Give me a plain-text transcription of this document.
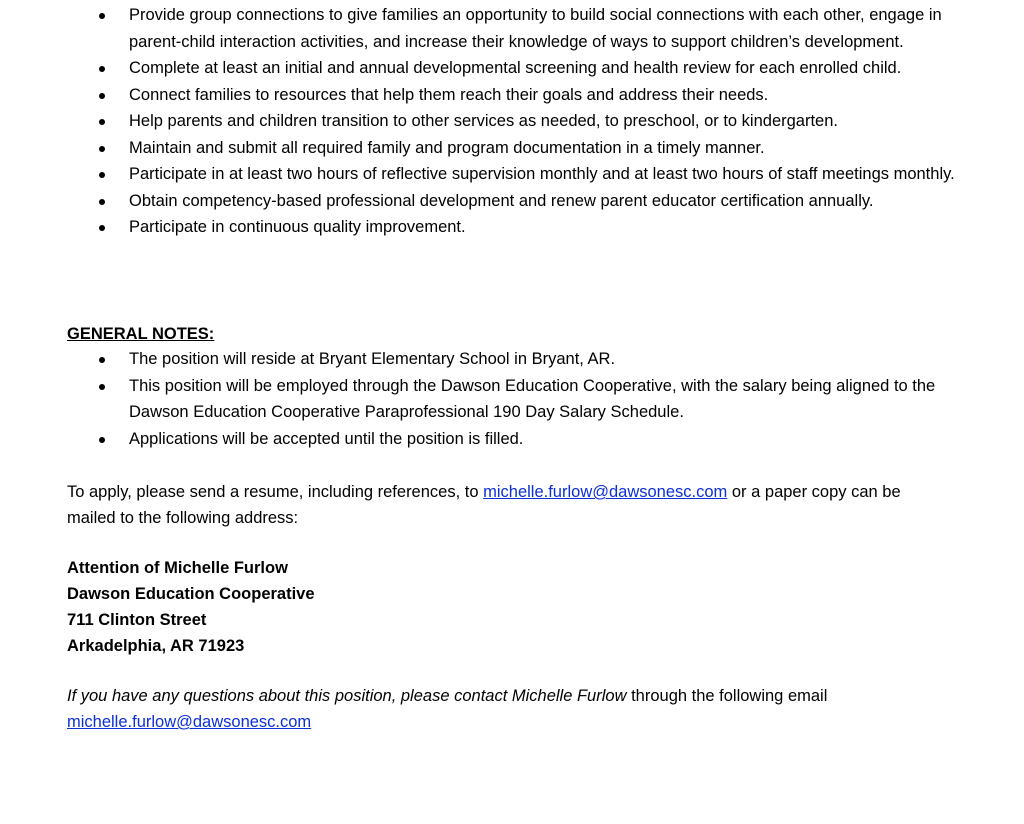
Provide group connections to give families an opportunity to build social connections with each other, engage in parent-child interaction activities, and increase their knowledge of ways to support children’s development.
Complete at least an initial and annual developmental screening and health review for each enrolled child.
Connect families to resources that help them reach their goals and address their needs.
Help parents and children transition to other services as needed, to preschool, or to kindergarten.
Maintain and submit all required family and program documentation in a timely manner.
Participate in at least two hours of reflective supervision monthly and at least two hours of staff meetings monthly.
Obtain competency-based professional development and renew parent educator certification annually.
Participate in continuous quality improvement.
GENERAL NOTES:
The position will reside at Bryant Elementary School in Bryant, AR.
This position will be employed through the Dawson Education Cooperative, with the salary being aligned to the Dawson Education Cooperative Paraprofessional 190 Day Salary Schedule.
Applications will be accepted until the position is filled.
To apply, please send a resume, including references, to michelle.furlow@dawsonesc.com or a paper copy can be mailed to the following address:
Attention of Michelle Furlow
Dawson Education Cooperative
711 Clinton Street
Arkadelphia, AR 71923
If you have any questions about this position, please contact Michelle Furlow through the following email
michelle.furlow@dawsonesc.com
